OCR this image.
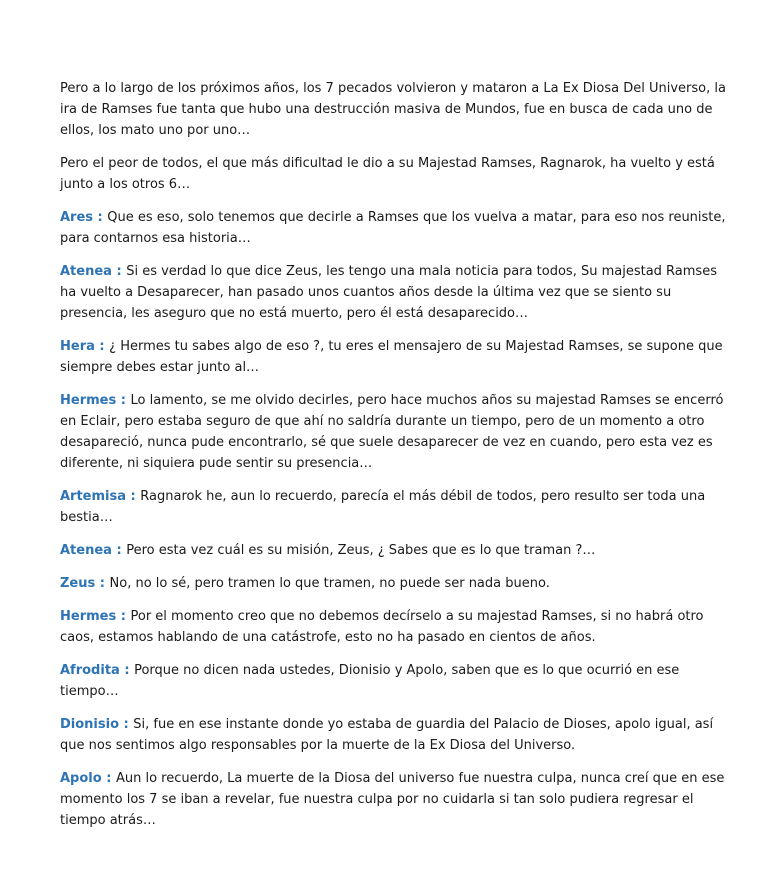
Pero a lo largo de los próximos años, los 7 pecados volvieron y mataron a La Ex Diosa Del Universo, la ira de Ramses fue tanta que hubo una destrucción masiva de Mundos, fue en busca de cada uno de ellos, los mato uno por uno…

Pero el peor de todos, el que más dificultad le dio a su Majestad Ramses, Ragnarok, ha vuelto y está junto a los otros 6…

Ares : Que es eso, solo tenemos que decirle a Ramses que los vuelva a matar, para eso nos reuniste, para contarnos esa historia…

Atenea : Si es verdad lo que dice Zeus, les tengo una mala noticia para todos, Su majestad Ramses ha vuelto a Desaparecer, han pasado unos cuantos años desde la última vez que se siento su presencia, les aseguro que no está muerto, pero él está desaparecido…

Hera : ¿ Hermes tu sabes algo de eso ?, tu eres el mensajero de su Majestad Ramses, se supone que siempre debes estar junto al…

Hermes : Lo lamento, se me olvido decirles, pero hace muchos años su majestad Ramses se encerró en Eclair, pero estaba seguro de que ahí no saldría durante un tiempo, pero de un momento a otro desapareció, nunca pude encontrarlo, sé que suele desaparecer de vez en cuando, pero esta vez es diferente, ni siquiera pude sentir su presencia…

Artemisa : Ragnarok he, aun lo recuerdo, parecía el más débil de todos, pero resulto ser toda una bestia…

Atenea : Pero esta vez cuál es su misión, Zeus, ¿ Sabes que es lo que traman ?…

Zeus : No, no lo sé, pero tramen lo que tramen, no puede ser nada bueno.

Hermes : Por el momento creo que no debemos decírselo a su majestad Ramses, si no habrá otro caos, estamos hablando de una catástrofe, esto no ha pasado en cientos de años.

Afrodita : Porque no dicen nada ustedes, Dionisio y Apolo, saben que es lo que ocurrió en ese tiempo…

Dionisio : Si, fue en ese instante donde yo estaba de guardia del Palacio de Dioses, apolo igual, así que nos sentimos algo responsables por la muerte de la Ex Diosa del Universo.

Apolo : Aun lo recuerdo, La muerte de la Diosa del universo fue nuestra culpa, nunca creí que en ese momento los 7 se iban a revelar, fue nuestra culpa por no cuidarla si tan solo pudiera regresar el tiempo atrás…
